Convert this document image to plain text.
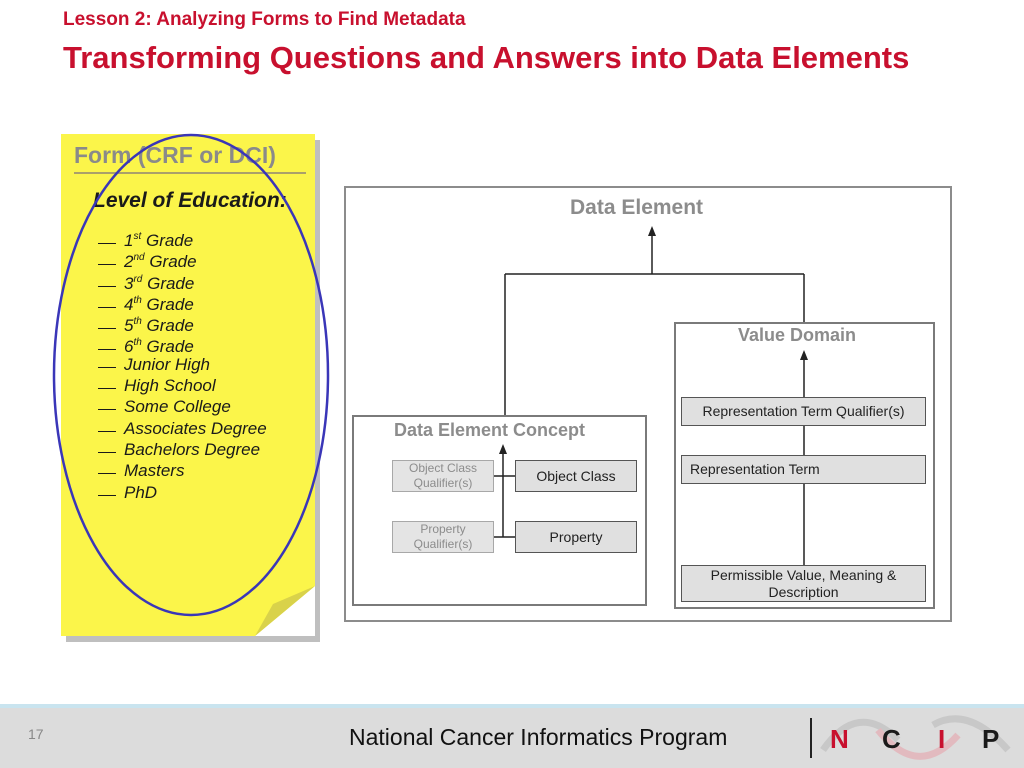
Lesson 2: Analyzing Forms to Find Metadata
Transforming Questions and Answers into Data Elements
Form (CRF or DCI)
Level of Education:
1st Grade
2nd Grade
3rd Grade
4th Grade
5th Grade
6th Grade
Junior High
High School
Some College
Associates Degree
Bachelors Degree
Masters
PhD
Data Element
Value Domain
Data Element Concept
Representation Term Qualifier(s)
Representation Term
Permissible Value, Meaning & Description
Object Class Qualifier(s)	Object Class
Property Qualifier(s)	Property
17	National Cancer Informatics Program	N C I P
